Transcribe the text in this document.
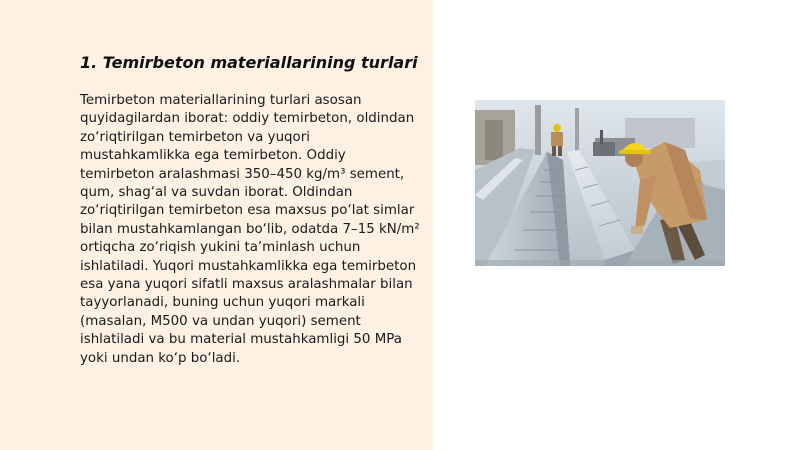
1. Temirbeton materiallarining turlari

Temirbeton materiallarining turlari asosan quyidagilardan iborat: oddiy temirbeton, oldindan zo‘riqtirilgan temirbeton va yuqori mustahkamlikka ega temirbeton. Oddiy temirbeton aralashmasi 350–450 kg/m³ sement, qum, shag‘al va suvdan iborat. Oldindan zo‘riqtirilgan temirbeton esa maxsus po‘lat simlar bilan mustahkamlangan bo‘lib, odatda 7–15 kN/m² ortiqcha zo‘riqish yukini ta’minlash uchun ishlatiladi. Yuqori mustahkamlikka ega temirbeton esa yana yuqori sifatli maxsus aralashmalar bilan tayyorlanadi, buning uchun yuqori markali (masalan, M500 va undan yuqori) sement ishlatiladi va bu material mustahkamligi 50 MPa yoki undan ko‘p bo‘ladi.
